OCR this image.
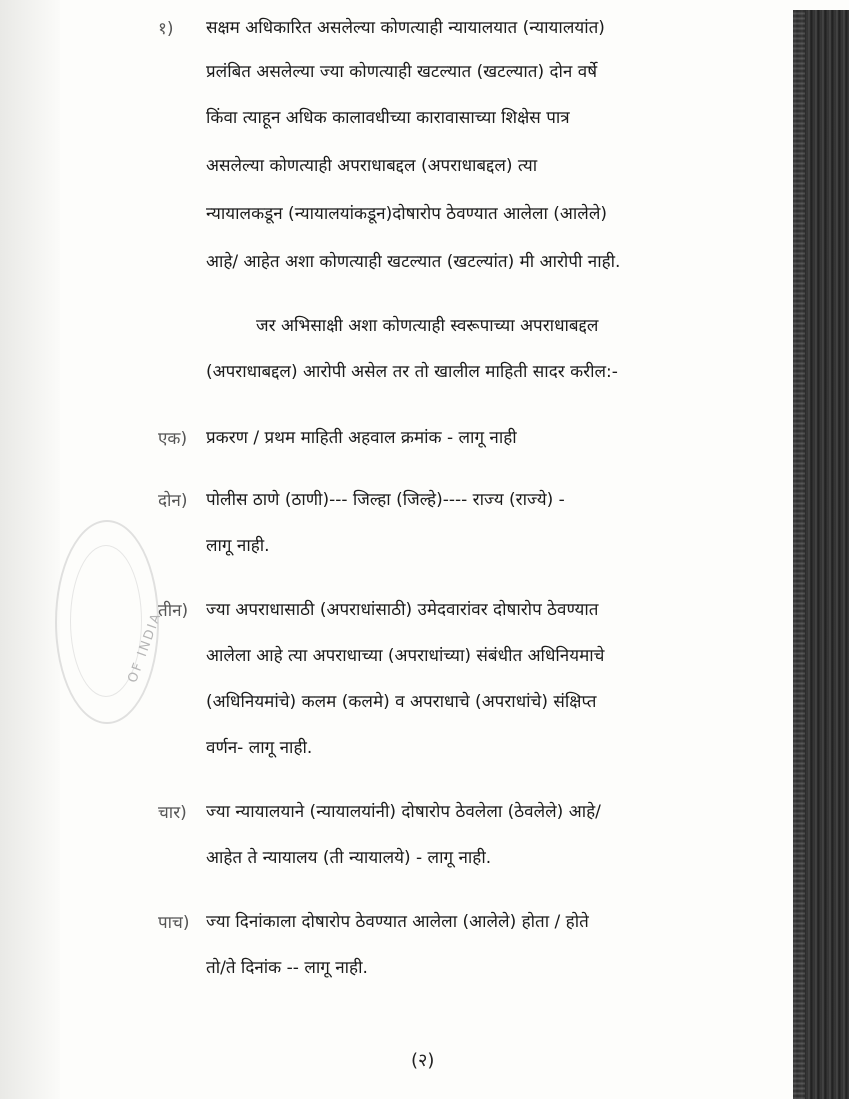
OF INDIA
१) सक्षम अधिकारित असलेल्या कोणत्याही न्यायालयात (न्यायालयांत)
प्रलंबित असलेल्या ज्या कोणत्याही खटल्यात (खटल्यात) दोन वर्षे
किंवा त्याहून अधिक कालावधीच्या कारावासाच्या शिक्षेस पात्र
असलेल्या कोणत्याही अपराधाबद्दल (अपराधाबद्दल) त्या
न्यायालकडून (न्यायालयांकडून)दोषारोप ठेवण्यात आलेला (आलेले)
आहे/ आहेत अशा कोणत्याही खटल्यात (खटल्यांत) मी आरोपी नाही.
जर अभिसाक्षी अशा कोणत्याही स्वरूपाच्या अपराधाबद्दल
(अपराधाबद्दल) आरोपी असेल तर तो खालील माहिती सादर करील:-
एक) प्रकरण / प्रथम माहिती अहवाल क्रमांक - लागू नाही
दोन) पोलीस ठाणे (ठाणी)--- जिल्हा (जिल्हे)---- राज्य (राज्ये) -
लागू नाही.
तीन) ज्या अपराधासाठी (अपराधांसाठी) उमेदवारांवर दोषारोप ठेवण्यात
आलेला आहे त्या अपराधाच्या (अपराधांच्या) संबंधीत अधिनियमाचे
(अधिनियमांचे) कलम (कलमे) व अपराधाचे (अपराधांचे) संक्षिप्त
वर्णन- लागू नाही.
चार) ज्या न्यायालयाने (न्यायालयांनी) दोषारोप ठेवलेला (ठेवलेले) आहे/
आहेत ते न्यायालय (ती न्यायालये) - लागू नाही.
पाच) ज्या दिनांकाला दोषारोप ठेवण्यात आलेला (आलेले) होता / होते
तो/ते दिनांक -- लागू नाही.
(२)
